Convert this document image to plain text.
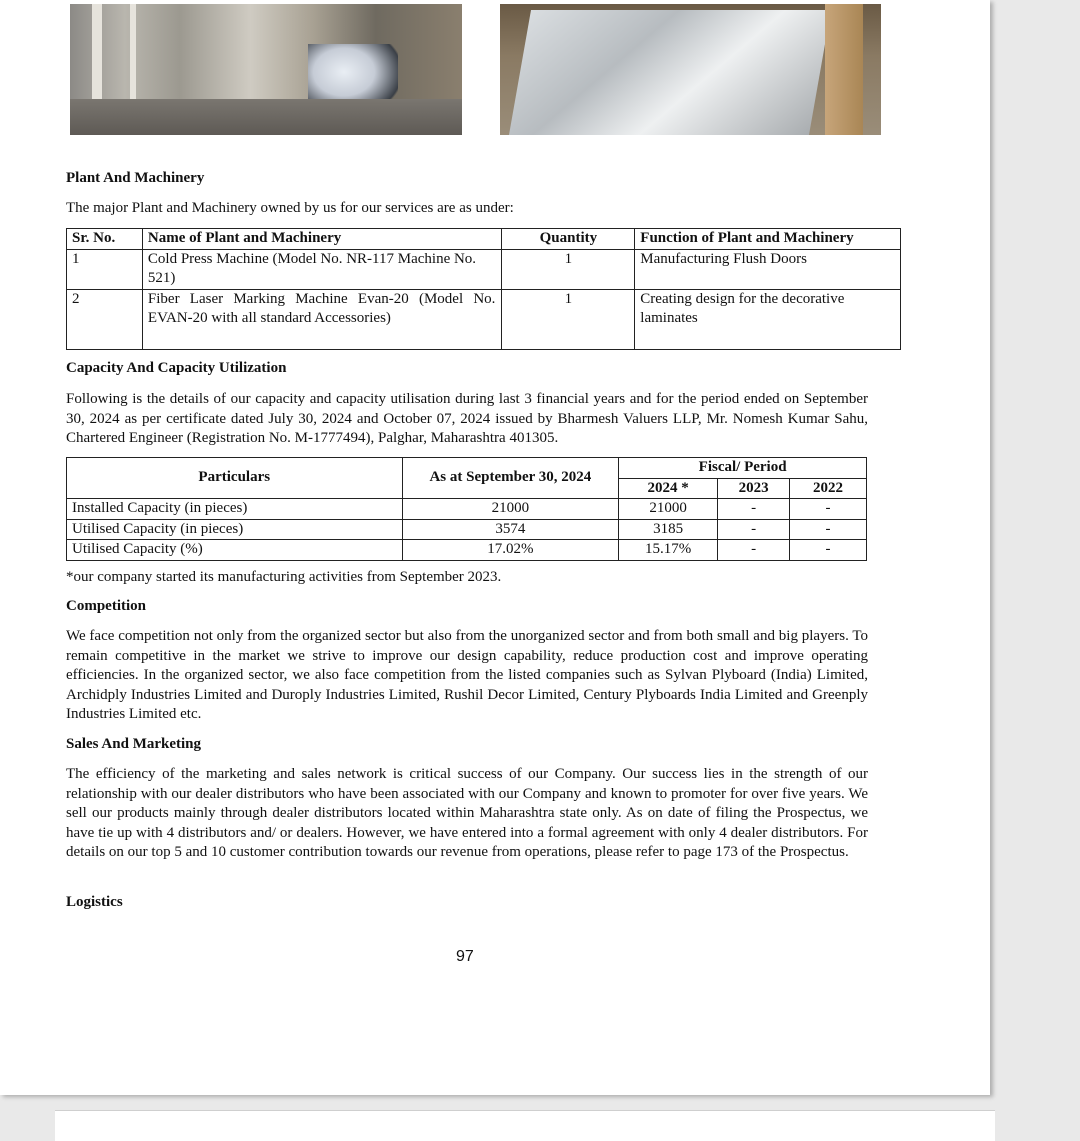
Plant And Machinery
The major Plant and Machinery owned by us for our services are as under:
Sr. No.	Name of Plant and Machinery	Quantity	Function of Plant and Machinery
1	Cold Press Machine (Model No. NR-117 Machine No. 521)	1	Manufacturing Flush Doors
2	Fiber Laser Marking Machine Evan-20 (Model No. EVAN-20 with all standard Accessories)	1	Creating design for the decorative laminates
Capacity And Capacity Utilization
Following is the details of our capacity and capacity utilisation during last 3 financial years and for the period ended on September 30, 2024 as per certificate dated July 30, 2024 and October 07, 2024 issued by Bharmesh Valuers LLP, Mr. Nomesh Kumar Sahu, Chartered Engineer (Registration No. M-1777494), Palghar, Maharashtra 401305.
Particulars	As at September 30, 2024	Fiscal/ Period		
		2024 *	2023	2022
Installed Capacity (in pieces)	21000	21000	-	-
Utilised Capacity (in pieces)	3574	3185	-	-
Utilised Capacity (%)	17.02%	15.17%	-	-
*our company started its manufacturing activities from September 2023.
Competition
We face competition not only from the organized sector but also from the unorganized sector and from both small and big players. To remain competitive in the market we strive to improve our design capability, reduce production cost and improve operating efficiencies. In the organized sector, we also face competition from the listed companies such as Sylvan Plyboard (India) Limited, Archidply Industries Limited and Duroply Industries Limited, Rushil Decor Limited, Century Plyboards India Limited and Greenply Industries Limited etc.
Sales And Marketing
The efficiency of the marketing and sales network is critical success of our Company. Our success lies in the strength of our relationship with our dealer distributors who have been associated with our Company and known to promoter for over five years. We sell our products mainly through dealer distributors located within Maharashtra state only. As on date of filing the Prospectus, we have tie up with 4 distributors and/ or dealers. However, we have entered into a formal agreement with only 4 dealer distributors. For details on our top 5 and 10 customer contribution towards our revenue from operations, please refer to page 173 of the Prospectus.
Logistics
97
